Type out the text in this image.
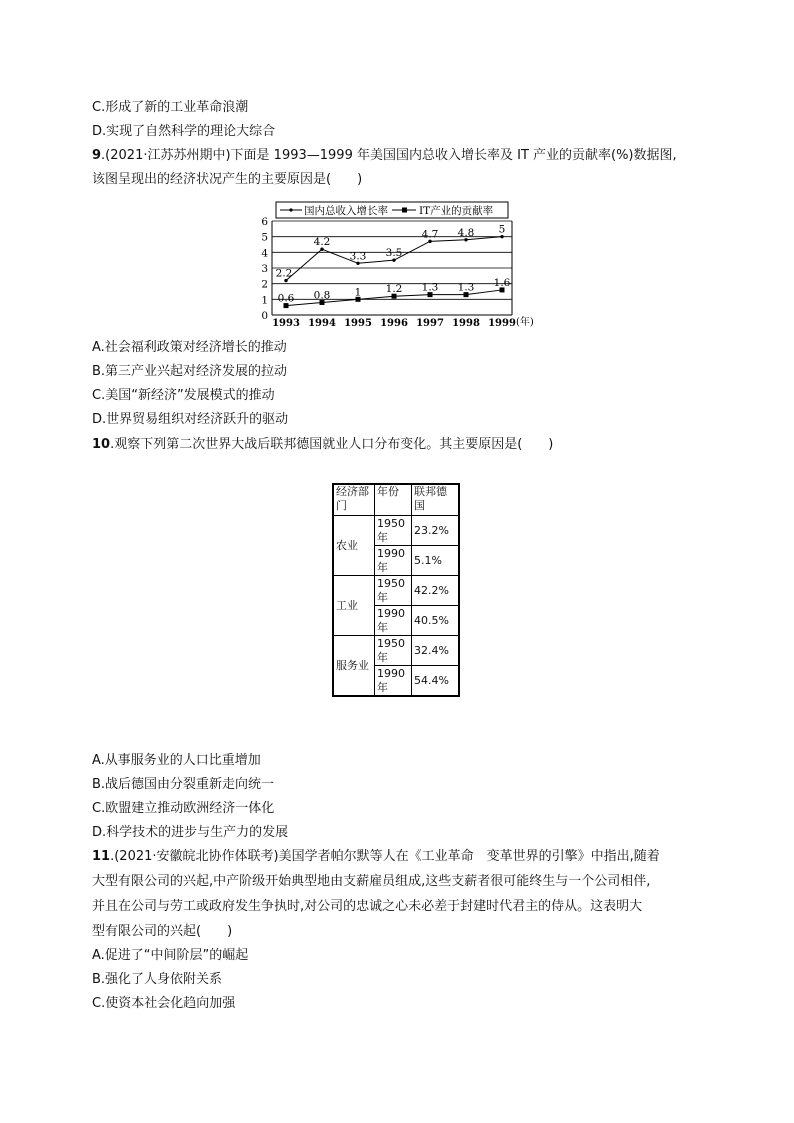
C.形成了新的工业革命浪潮
D.实现了自然科学的理论大综合
9.(2021·江苏苏州期中)下面是 1993—1999 年美国国内总收入增长率及 IT 产业的贡献率(%)数据图,
该图呈现出的经济状况产生的主要原因是(　　)
国内总收入增长率	IT产业的贡献率
0
1
2
3
4
5
6
1993 1994 1995 1996 1997 1998 1999 (年)
2.2
4.2
3.3 3.5
4.7 4.8 5
0.6 0.8 1 1.2 1.3 1.3 1.6
A.社会福利政策对经济增长的推动
B.第三产业兴起对经济发展的拉动
C.美国“新经济”发展模式的推动
D.世界贸易组织对经济跃升的驱动
10.观察下列第二次世界大战后联邦德国就业人口分布变化。其主要原因是(　　)
经济部门	年份	联邦德国
农业	1950年	23.2%
	1990年	5.1%
工业	1950年	42.2%
	1990年	40.5%
服务业	1950年	32.4%
	1990年	54.4%
A.从事服务业的人口比重增加
B.战后德国由分裂重新走向统一
C.欧盟建立推动欧洲经济一体化
D.科学技术的进步与生产力的发展
11.(2021·安徽皖北协作体联考)美国学者帕尔默等人在《工业革命　变革世界的引擎》中指出,随着
大型有限公司的兴起,中产阶级开始典型地由支薪雇员组成,这些支薪者很可能终生与一个公司相伴,
并且在公司与劳工或政府发生争执时,对公司的忠诚之心未必差于封建时代君主的侍从。这表明大
型有限公司的兴起(　　)
A.促进了“中间阶层”的崛起
B.强化了人身依附关系
C.使资本社会化趋向加强
